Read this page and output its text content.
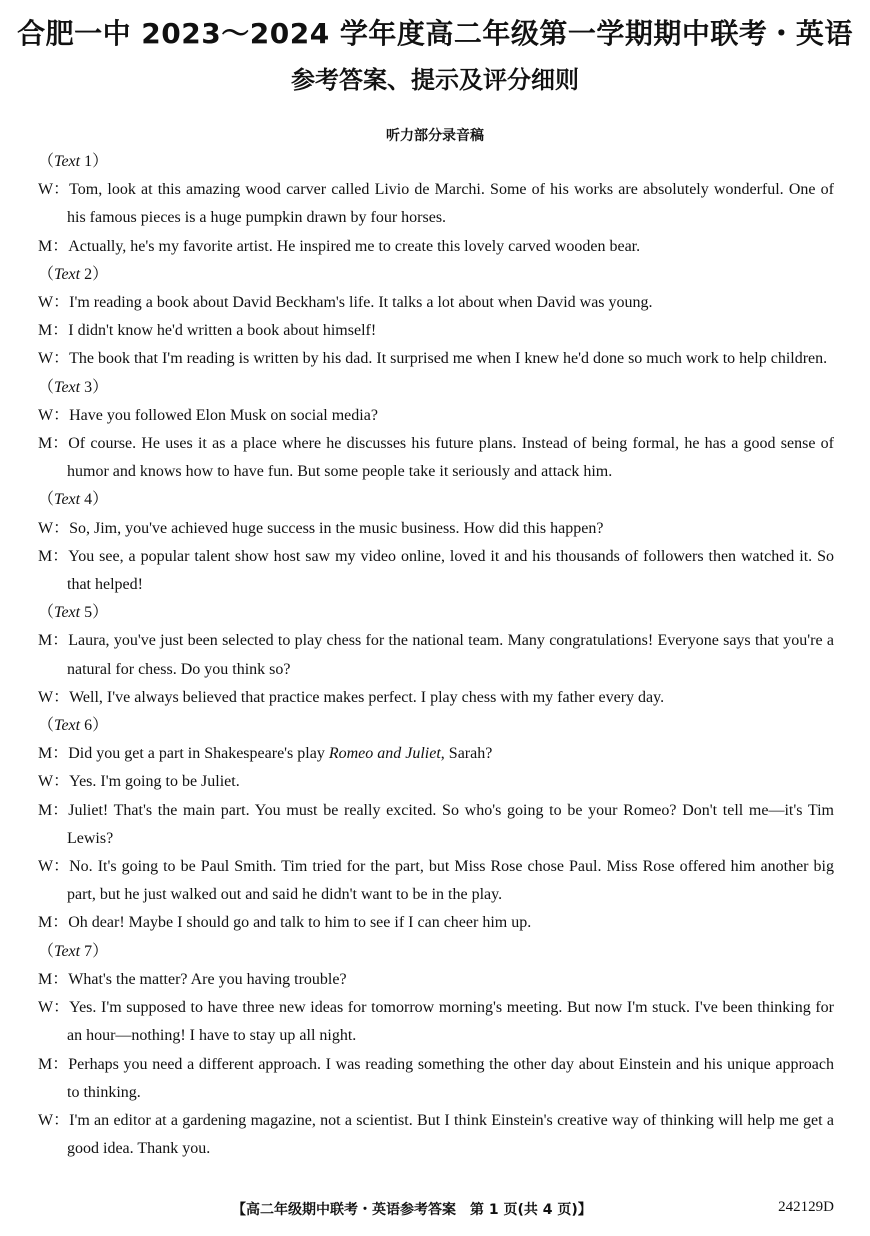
合肥一中 2023～2024 学年度高二年级第一学期期中联考・英语
参考答案、提示及评分细则
听力部分录音稿
（Text 1）
W：Tom, look at this amazing wood carver called Livio de Marchi. Some of his works are absolutely wonderful. One of his famous pieces is a huge pumpkin drawn by four horses.
M：Actually, he's my favorite artist. He inspired me to create this lovely carved wooden bear.
（Text 2）
W：I'm reading a book about David Beckham's life. It talks a lot about when David was young.
M：I didn't know he'd written a book about himself!
W：The book that I'm reading is written by his dad. It surprised me when I knew he'd done so much work to help children.
（Text 3）
W：Have you followed Elon Musk on social media?
M：Of course. He uses it as a place where he discusses his future plans. Instead of being formal, he has a good sense of humor and knows how to have fun. But some people take it seriously and attack him.
（Text 4）
W：So, Jim, you've achieved huge success in the music business. How did this happen?
M：You see, a popular talent show host saw my video online, loved it and his thousands of followers then watched it. So that helped!
（Text 5）
M：Laura, you've just been selected to play chess for the national team. Many congratulations! Everyone says that you're a natural for chess. Do you think so?
W：Well, I've always believed that practice makes perfect. I play chess with my father every day.
（Text 6）
M：Did you get a part in Shakespeare's play Romeo and Juliet, Sarah?
W：Yes. I'm going to be Juliet.
M：Juliet! That's the main part. You must be really excited. So who's going to be your Romeo? Don't tell me—it's Tim Lewis?
W：No. It's going to be Paul Smith. Tim tried for the part, but Miss Rose chose Paul. Miss Rose offered him another big part, but he just walked out and said he didn't want to be in the play.
M：Oh dear! Maybe I should go and talk to him to see if I can cheer him up.
（Text 7）
M：What's the matter? Are you having trouble?
W：Yes. I'm supposed to have three new ideas for tomorrow morning's meeting. But now I'm stuck. I've been thinking for an hour—nothing! I have to stay up all night.
M：Perhaps you need a different approach. I was reading something the other day about Einstein and his unique approach to thinking.
W：I'm an editor at a gardening magazine, not a scientist. But I think Einstein's creative way of thinking will help me get a good idea. Thank you.
【高二年级期中联考・英语参考答案　第 1 页(共 4 页)】	242129D
